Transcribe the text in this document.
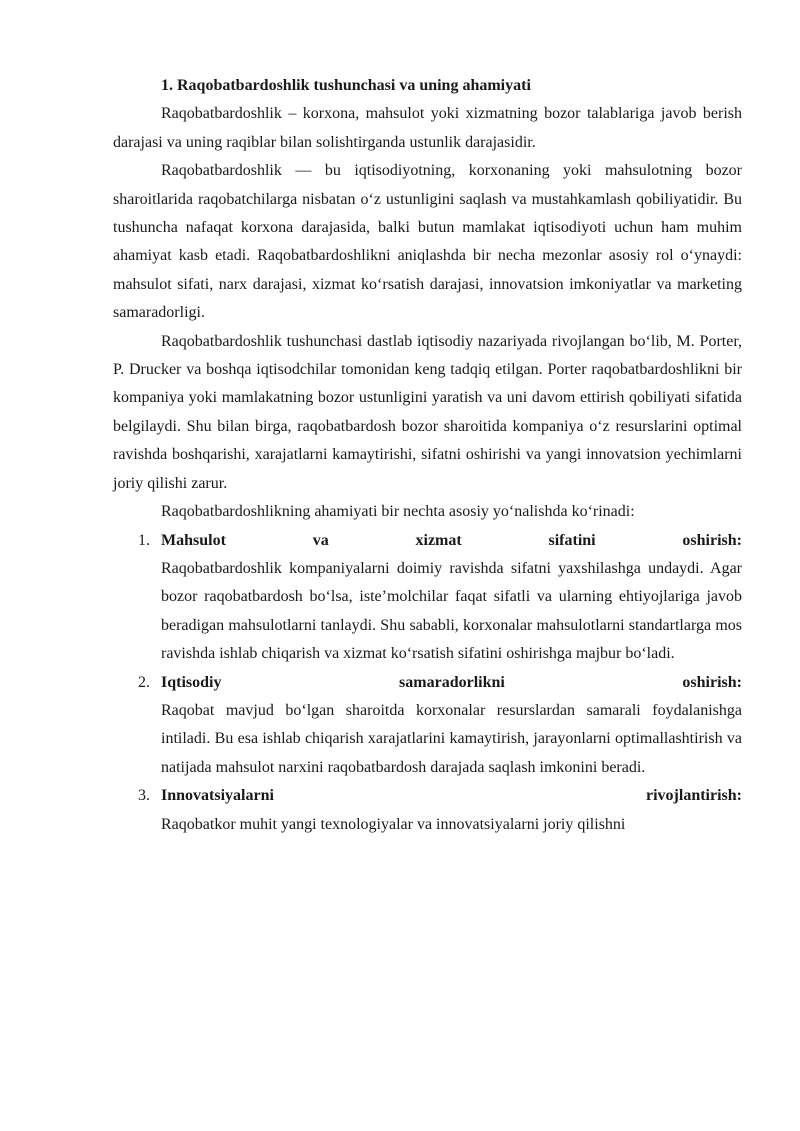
1. Raqobatbardoshlik tushunchasi va uning ahamiyati

Raqobatbardoshlik – korxona, mahsulot yoki xizmatning bozor talablariga javob berish darajasi va uning raqiblar bilan solishtirganda ustunlik darajasidir.

Raqobatbardoshlik — bu iqtisodiyotning, korxonaning yoki mahsulotning bozor sharoitlarida raqobatchilarga nisbatan o‘z ustunligini saqlash va mustahkamlash qobiliyatidir. Bu tushuncha nafaqat korxona darajasida, balki butun mamlakat iqtisodiyoti uchun ham muhim ahamiyat kasb etadi. Raqobatbardoshlikni aniqlashda bir necha mezonlar asosiy rol o‘ynaydi: mahsulot sifati, narx darajasi, xizmat ko‘rsatish darajasi, innovatsion imkoniyatlar va marketing samaradorligi.

Raqobatbardoshlik tushunchasi dastlab iqtisodiy nazariyada rivojlangan bo‘lib, M. Porter, P. Drucker va boshqa iqtisodchilar tomonidan keng tadqiq etilgan. Porter raqobatbardoshlikni bir kompaniya yoki mamlakatning bozor ustunligini yaratish va uni davom ettirish qobiliyati sifatida belgilaydi. Shu bilan birga, raqobatbardosh bozor sharoitida kompaniya o‘z resurslarini optimal ravishda boshqarishi, xarajatlarni kamaytirishi, sifatni oshirishi va yangi innovatsion yechimlarni joriy qilishi zarur.

Raqobatbardoshlikning ahamiyati bir nechta asosiy yo‘nalishda ko‘rinadi:

1. Mahsulot va xizmat sifatini oshirish:
Raqobatbardoshlik kompaniyalarni doimiy ravishda sifatni yaxshilashga undaydi. Agar bozor raqobatbardosh bo‘lsa, iste’molchilar faqat sifatli va ularning ehtiyojlariga javob beradigan mahsulotlarni tanlaydi. Shu sababli, korxonalar mahsulotlarni standartlarga mos ravishda ishlab chiqarish va xizmat ko‘rsatish sifatini oshirishga majbur bo‘ladi.
2. Iqtisodiy samaradorlikni oshirish:
Raqobat mavjud bo‘lgan sharoitda korxonalar resurslardan samarali foydalanishga intiladi. Bu esa ishlab chiqarish xarajatlarini kamaytirish, jarayonlarni optimallashtirish va natijada mahsulot narxini raqobatbardosh darajada saqlash imkonini beradi.
3. Innovatsiyalarni rivojlantirish:
Raqobatkor muhit yangi texnologiyalar va innovatsiyalarni joriy qilishni
